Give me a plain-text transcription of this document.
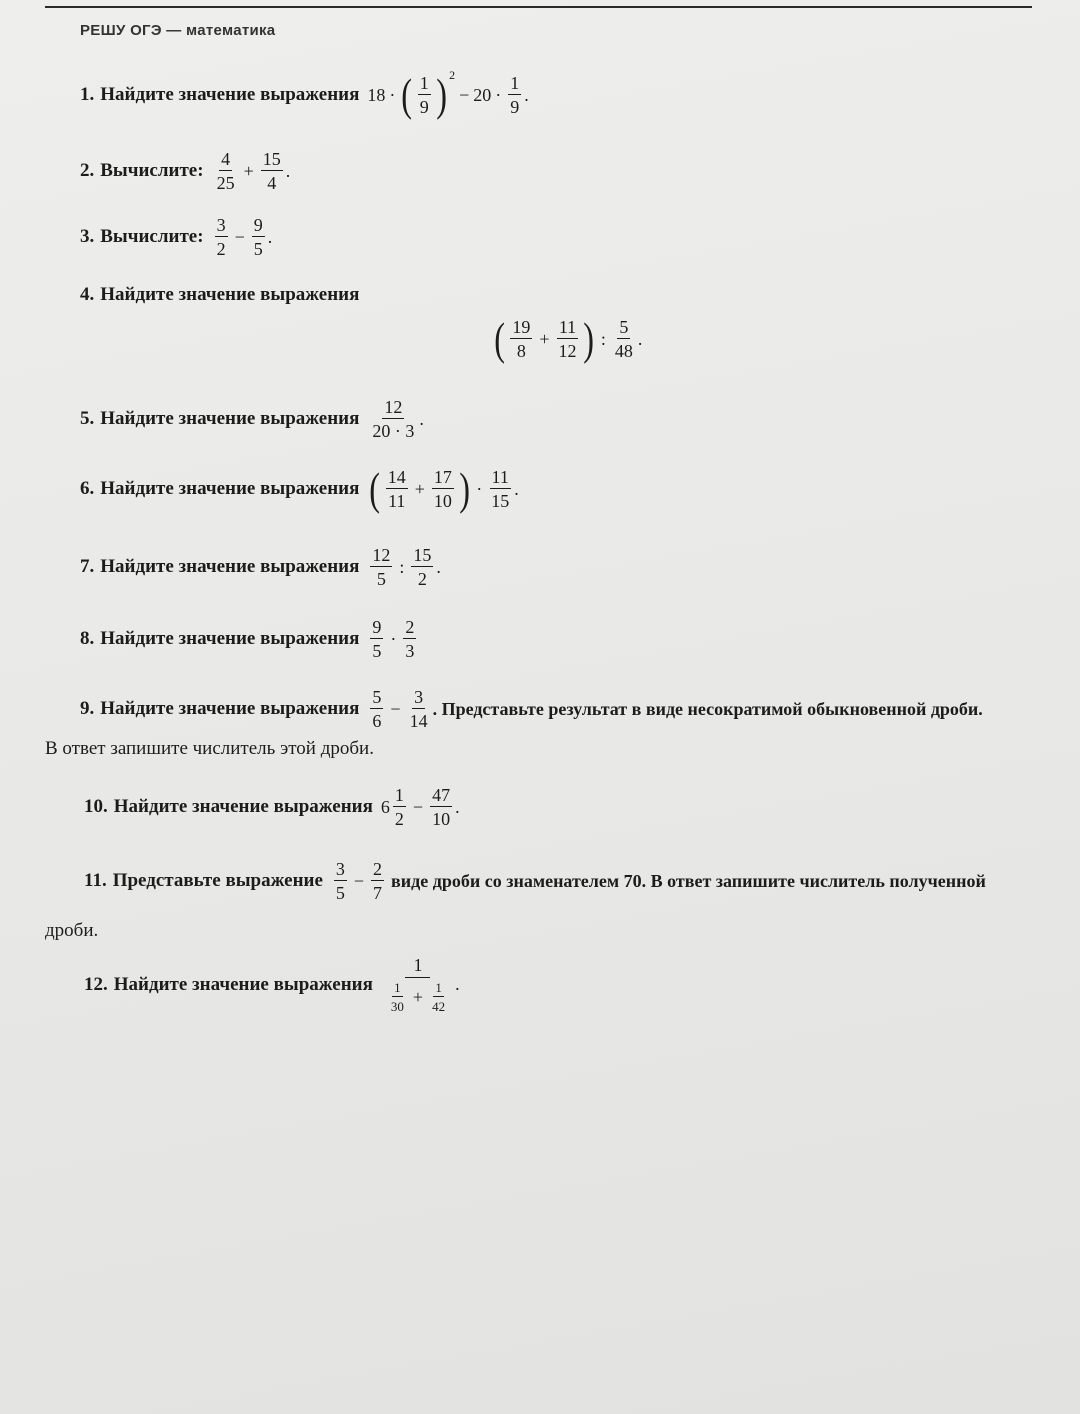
РЕШУ ОГЭ — математика
1. Найдите значение выражения 18 · ( $\frac{1}{9}$ ) 2
− $20 \cdot \frac{1}{9}$ .
2. Вычислите: $\frac{4}{25} + \frac{15}{4}$ .
3. Вычислите: $\frac{3}{2} - \frac{9}{5}$ .
4. Найдите значение выражения
( $\frac{19}{8} + \frac{11}{12}$ ) : $\frac{5}{48}$ .
5. Найдите значение выражения $\frac{12}{20 \cdot 3}$ .
6. Найдите значение выражения ( $\frac{14}{11} + \frac{17}{10}$ ) · $\frac{11}{15}$ .
7. Найдите значение выражения $\frac{12}{5}$ : $\frac{15}{2}$ .
8. Найдите значение выражения $\frac{9}{5} \cdot \frac{2}{3}$
9. Найдите значение выражения $\frac{5}{6} - \frac{3}{14}$ . Представьте результат в виде несократимой обыкновенной дроби.
В ответ запишите числитель этой дроби.
10. Найдите значение выражения $6 \frac{1}{2} - \frac{47}{10}$ .
11. Представьте выражение $\frac{3}{5} - \frac{2}{7}$ виде дроби со знаменателем 70. В ответ запишите числитель полученной
дроби.
12. Найдите значение выражения $\frac{1}{\frac{1}{30} + \frac{1}{42}}$ .
